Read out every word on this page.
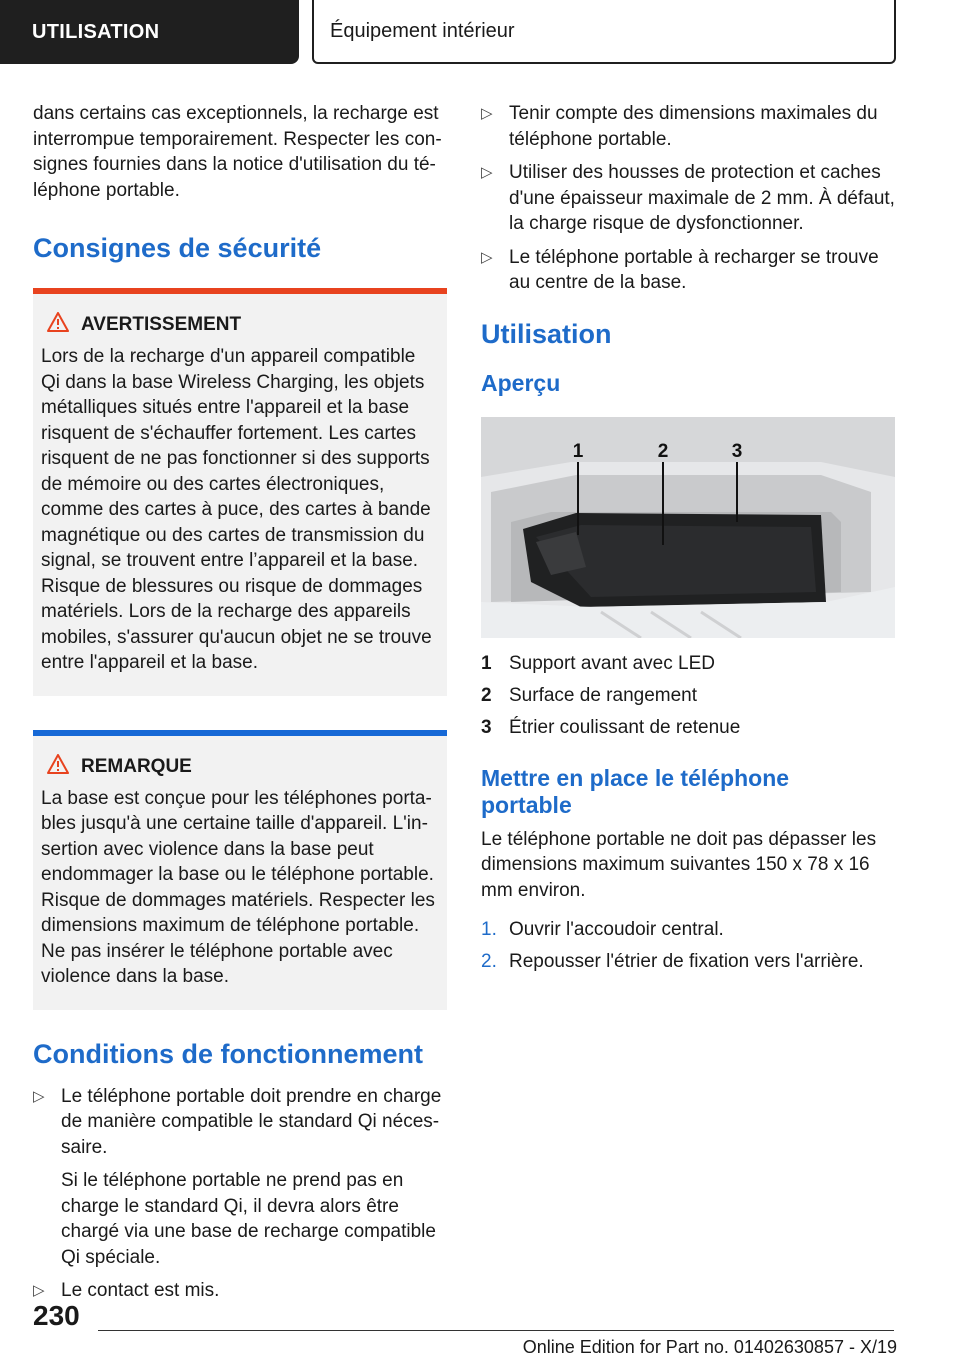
UTILISATION	Équipement intérieur

dans certains cas exceptionnels, la recharge est interrompue temporairement. Respecter les consignes fournies dans la notice d'utilisation du téléphone portable.

Consignes de sécurité
AVERTISSEMENT

Lors de la recharge d'un appareil compatible Qi dans la base Wireless Charging, les objets métalliques situés entre l'appareil et la base risquent de s'échauffer fortement. Les cartes risquent de ne pas fonctionner si des supports de mémoire ou des cartes électroniques, comme des cartes à puce, des cartes à bande magnétique ou des cartes de transmission du signal, se trouvent entre l’appareil et la base. Risque de blessures ou risque de dommages matériels. Lors de la recharge des appareils mobiles, s'assurer qu'aucun objet ne se trouve entre l'appareil et la base.

REMARQUE

La base est conçue pour les téléphones portables jusqu'à une certaine taille d'appareil. L'insertion avec violence dans la base peut endommager la base ou le téléphone portable. Risque de dommages matériels. Respecter les dimensions maximum de téléphone portable. Ne pas insérer le téléphone portable avec violence dans la base.

Conditions de fonctionnement
▷ Le téléphone portable doit prendre en charge de manière compatible le standard Qi nécessaire.
Si le téléphone portable ne prend pas en charge le standard Qi, il devra alors être chargé via une base de recharge compatible Qi spéciale.
▷ Le contact est mis.
▷ Tenir compte des dimensions maximales du téléphone portable.
▷ Utiliser des housses de protection et caches d'une épaisseur maximale de 2 mm. À défaut, la charge risque de dysfonctionner.
▷ Le téléphone portable à recharger se trouve au centre de la base.
Utilisation
Aperçu
1	2	3
1 Support avant avec LED
2 Surface de rangement
3 Étrier coulissant de retenue
Mettre en place le téléphone portable

Le téléphone portable ne doit pas dépasser les dimensions maximum suivantes 150 x 78 x 16 mm environ.

1. Ouvrir l'accoudoir central.
2. Repousser l'étrier de fixation vers l'arrière.
230
Online Edition for Part no. 01402630857 - X/19
